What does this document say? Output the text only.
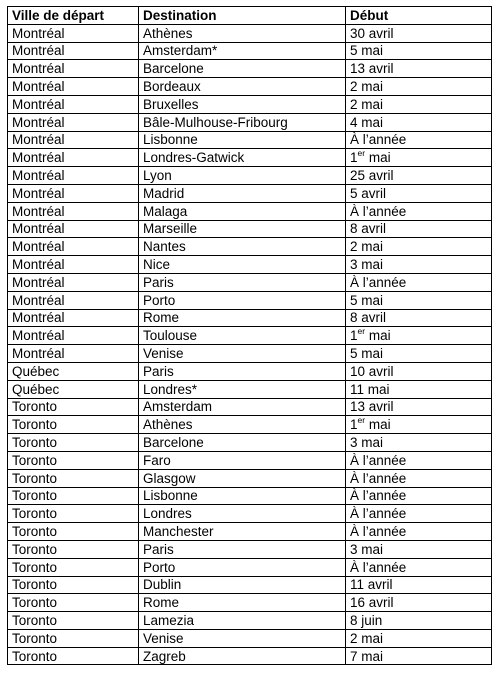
Ville de départ	Destination	Début
Montréal	Athènes	30 avril
Montréal	Amsterdam*	5 mai
Montréal	Barcelone	13 avril
Montréal	Bordeaux	2 mai
Montréal	Bruxelles	2 mai
Montréal	Bâle-Mulhouse-Fribourg	4 mai
Montréal	Lisbonne	À l’année
Montréal	Londres-Gatwick	1er mai
Montréal	Lyon	25 avril
Montréal	Madrid	5 avril
Montréal	Malaga	À l’année
Montréal	Marseille	8 avril
Montréal	Nantes	2 mai
Montréal	Nice	3 mai
Montréal	Paris	À l’année
Montréal	Porto	5 mai
Montréal	Rome	8 avril
Montréal	Toulouse	1er mai
Montréal	Venise	5 mai
Québec	Paris	10 avril
Québec	Londres*	11 mai
Toronto	Amsterdam	13 avril
Toronto	Athènes	1er mai
Toronto	Barcelone	3 mai
Toronto	Faro	À l’année
Toronto	Glasgow	À l’année
Toronto	Lisbonne	À l’année
Toronto	Londres	À l’année
Toronto	Manchester	À l’année
Toronto	Paris	3 mai
Toronto	Porto	À l’année
Toronto	Dublin	11 avril
Toronto	Rome	16 avril
Toronto	Lamezia	8 juin
Toronto	Venise	2 mai
Toronto	Zagreb	7 mai
